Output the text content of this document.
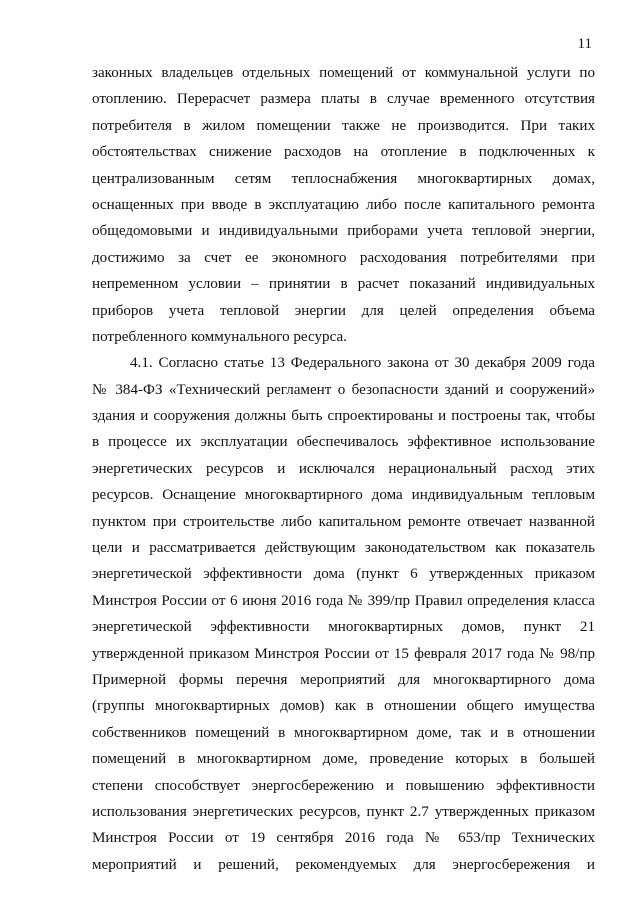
11
законных владельцев отдельных помещений от коммунальной услуги по
отоплению. Перерасчет размера платы в случае временного отсутствия
потребителя в жилом помещении также не производится. При таких
обстоятельствах снижение расходов на отопление в подключенных к
централизованным сетям теплоснабжения многоквартирных домах,
оснащенных при вводе в эксплуатацию либо после капитального ремонта
общедомовыми и индивидуальными приборами учета тепловой энергии,
достижимо за счет ее экономного расходования потребителями при
непременном условии – принятии в расчет показаний индивидуальных
приборов учета тепловой энергии для целей определения объема
потребленного коммунального ресурса.
4.1. Согласно статье 13 Федерального закона от 30 декабря 2009 года
№ 384-ФЗ «Технический регламент о безопасности зданий и сооружений»
здания и сооружения должны быть спроектированы и построены так, чтобы
в процессе их эксплуатации обеспечивалось эффективное использование
энергетических ресурсов и исключался нерациональный расход этих
ресурсов. Оснащение многоквартирного дома индивидуальным тепловым
пунктом при строительстве либо капитальном ремонте отвечает названной
цели и рассматривается действующим законодательством как показатель
энергетической эффективности дома (пункт 6 утвержденных приказом
Минстроя России от 6 июня 2016 года № 399/пр Правил определения класса
энергетической эффективности многоквартирных домов, пункт 21
утвержденной приказом Минстроя России от 15 февраля 2017 года № 98/пр
Примерной формы перечня мероприятий для многоквартирного дома
(группы многоквартирных домов) как в отношении общего имущества
собственников помещений в многоквартирном доме, так и в отношении
помещений в многоквартирном доме, проведение которых в большей
степени способствует энергосбережению и повышению эффективности
использования энергетических ресурсов, пункт 2.7 утвержденных приказом
Минстроя России от 19 сентября 2016 года № 653/пр Технических
мероприятий и решений, рекомендуемых для энергосбережения и
